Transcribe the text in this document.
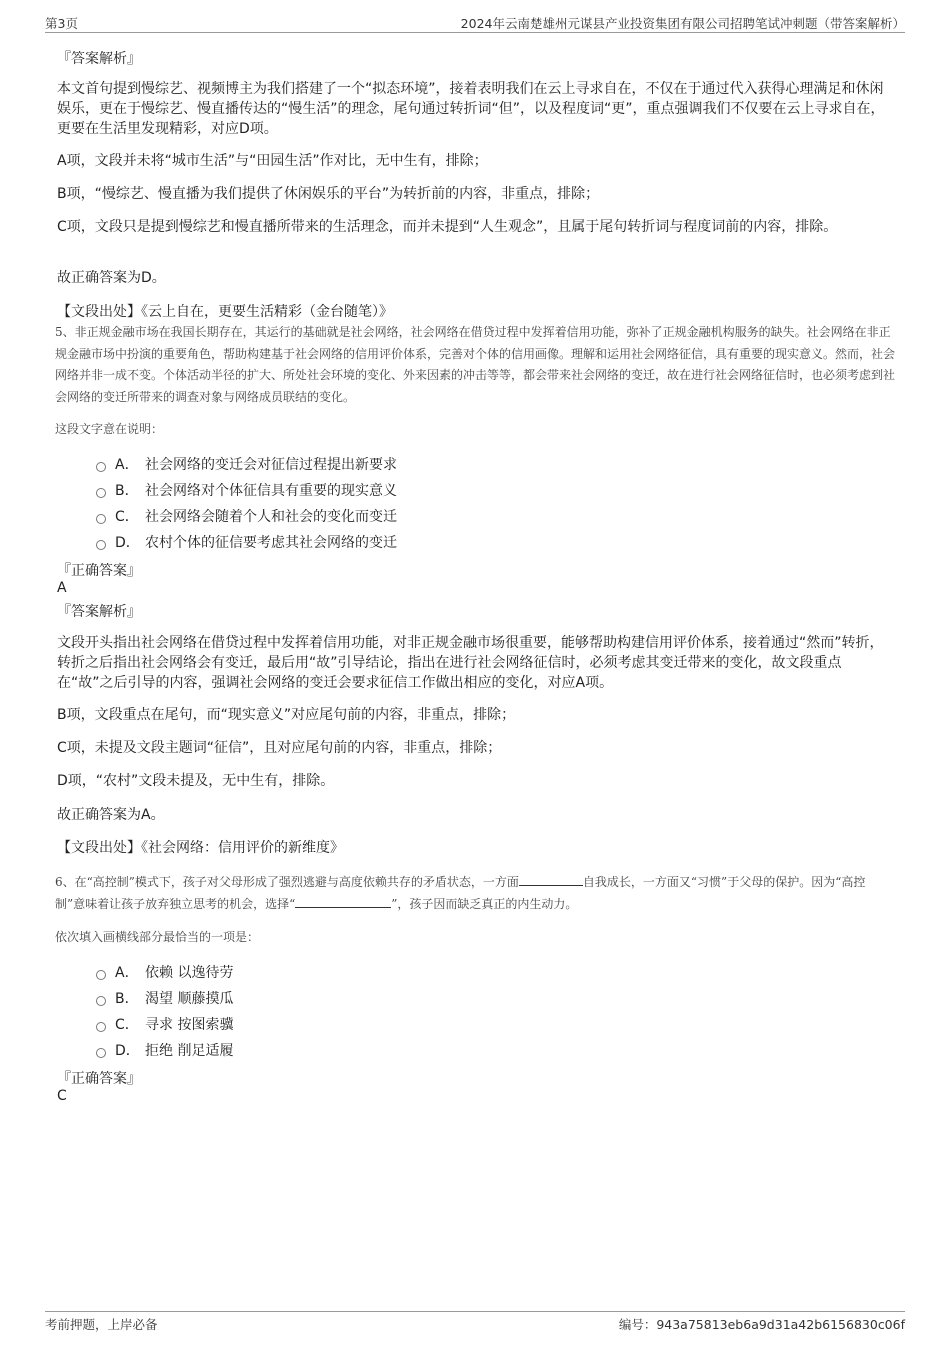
第3页	2024年云南楚雄州元谋县产业投资集团有限公司招聘笔试冲刺题（带答案解析）
『答案解析』
本文首句提到慢综艺、视频博主为我们搭建了一个“拟态环境”，接着表明我们在云上寻求自在，不仅在于通过代入获得心理满足和休闲娱乐，更在于慢综艺、慢直播传达的“慢生活”的理念，尾句通过转折词“但”，以及程度词“更”，重点强调我们不仅要在云上寻求自在，更要在生活里发现精彩，对应D项。
A项，文段并未将“城市生活”与“田园生活”作对比，无中生有，排除；
B项，“慢综艺、慢直播为我们提供了休闲娱乐的平台”为转折前的内容，非重点，排除；
C项，文段只是提到慢综艺和慢直播所带来的生活理念，而并未提到“人生观念”，且属于尾句转折词与程度词前的内容，排除。
故正确答案为D。
【文段出处】《云上自在，更要生活精彩（金台随笔）》
5、非正规金融市场在我国长期存在，其运行的基础就是社会网络，社会网络在借贷过程中发挥着信用功能，弥补了正规金融机构服务的缺失。社会网络在非正规金融市场中扮演的重要角色，帮助构建基于社会网络的信用评价体系，完善对个体的信用画像。理解和运用社会网络征信，具有重要的现实意义。然而，社会网络并非一成不变。个体活动半径的扩大、所处社会环境的变化、外来因素的冲击等等，都会带来社会网络的变迁，故在进行社会网络征信时，也必须考虑到社会网络的变迁所带来的调查对象与网络成员联结的变化。
这段文字意在说明：
A． 社会网络的变迁会对征信过程提出新要求
B． 社会网络对个体征信具有重要的现实意义
C． 社会网络会随着个人和社会的变化而变迁
D． 农村个体的征信要考虑其社会网络的变迁
『正确答案』
A
『答案解析』
文段开头指出社会网络在借贷过程中发挥着信用功能，对非正规金融市场很重要，能够帮助构建信用评价体系，接着通过“然而”转折，转折之后指出社会网络会有变迁，最后用“故”引导结论，指出在进行社会网络征信时，必须考虑其变迁带来的变化，故文段重点在“故”之后引导的内容，强调社会网络的变迁会要求征信工作做出相应的变化，对应A项。
B项，文段重点在尾句，而“现实意义”对应尾句前的内容，非重点，排除；
C项，未提及文段主题词“征信”，且对应尾句前的内容，非重点，排除；
D项，“农村”文段未提及，无中生有，排除。
故正确答案为A。
【文段出处】《社会网络：信用评价的新维度》
6、在“高控制”模式下，孩子对父母形成了强烈逃避与高度依赖共存的矛盾状态，一方面	自我成长，一方面又“习惯”于父母的保护。因为“高控制”意味着让孩子放弃独立思考的机会，选择“	”，孩子因而缺乏真正的内生动力。
依次填入画横线部分最恰当的一项是：
A． 依赖 以逸待劳
B． 渴望 顺藤摸瓜
C． 寻求 按图索骥
D． 拒绝 削足适履
『正确答案』
C
考前押题，上岸必备	编号：943a75813eb6a9d31a42b6156830c06f
